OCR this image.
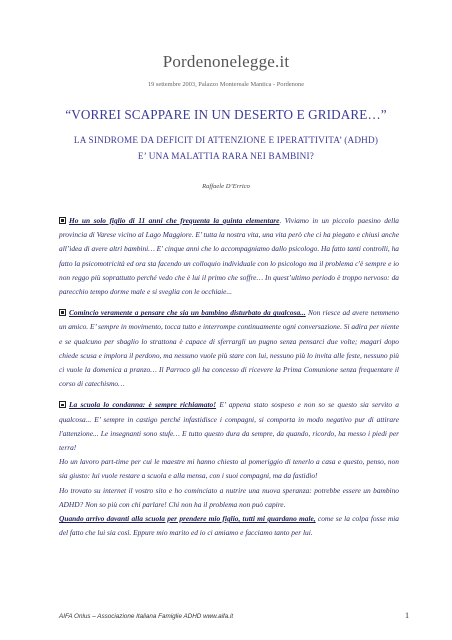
Pordenonelegge.it
19 settembre 2003, Palazzo Montereale Mantica - Pordenone
“VORREI SCAPPARE IN UN DESERTO E GRIDARE…”
LA SINDROME DA DEFICIT DI ATTENZIONE E IPERATTIVITA’ (ADHD)
E’ UNA MALATTIA RARA NEI BAMBINI?
Raffaele D’Errico

Ho un solo figlio di 11 anni che frequenta la quinta elementare. Viviamo in un piccolo paesino della provincia di Varese vicino al Lago Maggiore. E’ tutta la nostra vita, una vita però che ci ha piegato e chiusi anche all’idea di avere altri bambini… E' cinque anni che lo accompagniamo dallo psicologo. Ha fatto tanti controlli, ha fatto la psicomotricità ed ora sta facendo un colloquio individuale con lo psicologo ma il problema c'è sempre e io non reggo più soprattutto perché vedo che è lui il primo che soffre… In quest’ultimo periodo è troppo nervoso: da parecchio tempo dorme male e si sveglia con le occhiaie...

Comincio veramente a pensare che sia un bambino disturbato da qualcosa... Non riesce ad avere nemmeno un amico. E’ sempre in movimento, tocca tutto e interrompe continuamente ogni conversazione. Si adira per niente e se qualcuno per sbaglio lo strattona è capace di sferrargli un pugno senza pensarci due volte; magari dopo chiede scusa e implora il perdono, ma nessuno vuole più stare con lui, nessuno più lo invita alle feste, nessuno più ci vuole la domenica a pranzo… Il Parroco gli ha concesso di ricevere la Prima Comunione senza frequentare il corso di catechismo…

La scuola lo condanna: è sempre richiamato! E’ appena stato sospeso e non so se questo sia servito a qualcosa... E’ sempre in castigo perché infastidisce i compagni, si comporta in modo negativo pur di attirare l'attenzione... Le insegnanti sono stufe… E tutto questo dura da sempre, da quando, ricordo, ha messo i piedi per terra!

Ho un lavoro part-time per cui le maestre mi hanno chiesto al pomeriggio di tenerlo a casa e questo, penso, non sia giusto: lui vuole restare a scuola e alla mensa, con i suoi compagni, ma da fastidio!
Ho trovato su internet il vostro sito e ho cominciato a nutrire una nuova speranza: potrebbe essere un bambino ADHD? Non so più con chi parlare! Chi non ha il problema non può capire.
Quando arrivo davanti alla scuola per prendere mio figlio, tutti mi guardano male, come se la colpa fosse mia del fatto che lui sia così. Eppure mio marito ed io ci amiamo e facciamo tanto per lui.
AIFA Onlus – Associazione Italiana Famiglie ADHD www.aifa.it	1
